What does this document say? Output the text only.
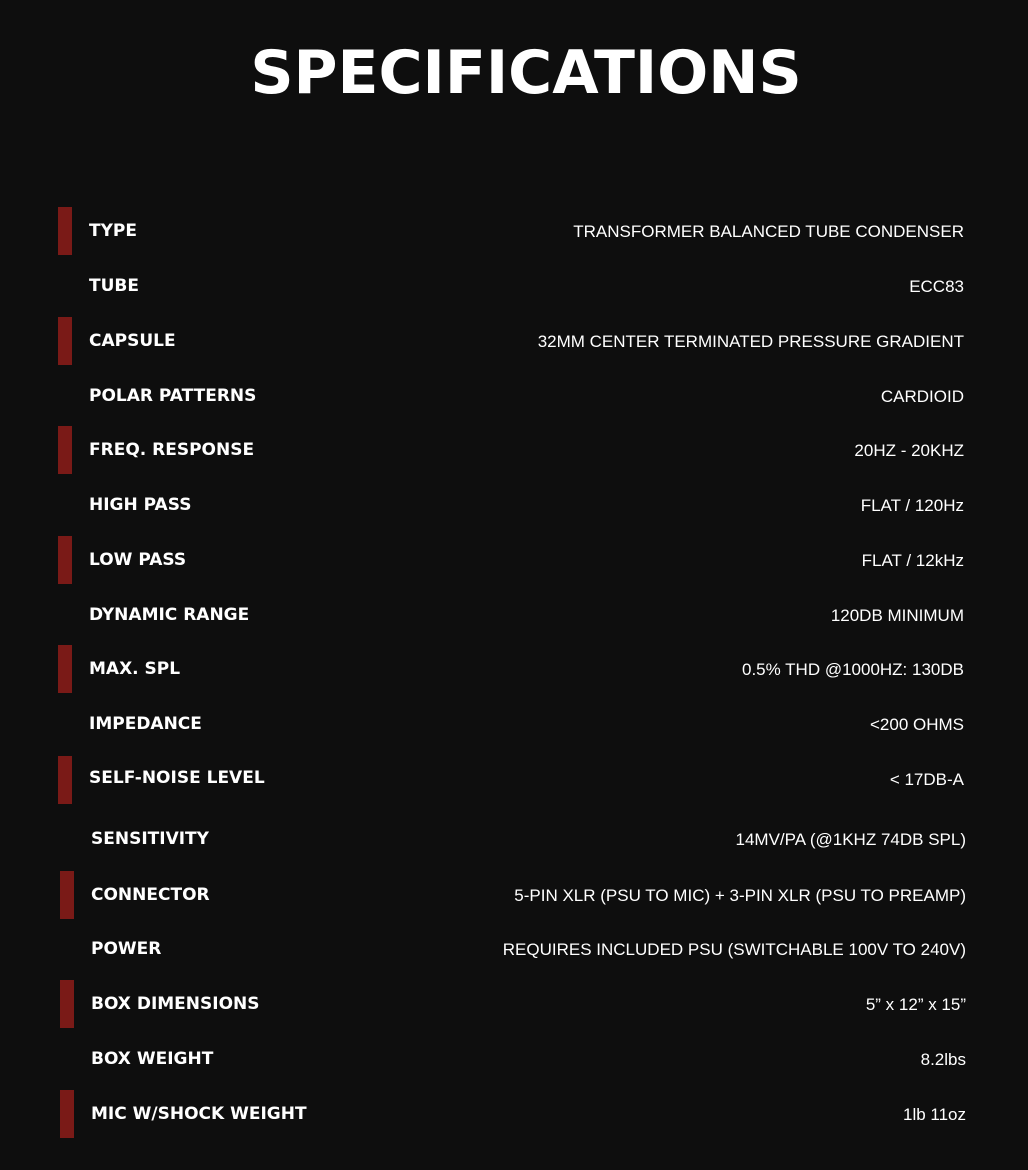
SPECIFICATIONS
TYPE	TRANSFORMER BALANCED TUBE CONDENSER
TUBE	ECC83
CAPSULE	32MM CENTER TERMINATED PRESSURE GRADIENT
POLAR PATTERNS	CARDIOID
FREQ. RESPONSE	20HZ - 20KHZ
HIGH PASS	FLAT / 120Hz
LOW PASS	FLAT / 12kHz
DYNAMIC RANGE	120DB MINIMUM
MAX. SPL	0.5% THD @1000HZ: 130DB
IMPEDANCE	<200 OHMS
SELF-NOISE LEVEL	< 17DB-A
SENSITIVITY	14MV/PA (@1KHZ 74DB SPL)
CONNECTOR	5-PIN XLR (PSU TO MIC) + 3-PIN XLR (PSU TO PREAMP)
POWER	REQUIRES INCLUDED PSU (SWITCHABLE 100V TO 240V)
BOX DIMENSIONS	5” x 12” x 15”
BOX WEIGHT	8.2lbs
MIC W/SHOCK WEIGHT	1lb 11oz
